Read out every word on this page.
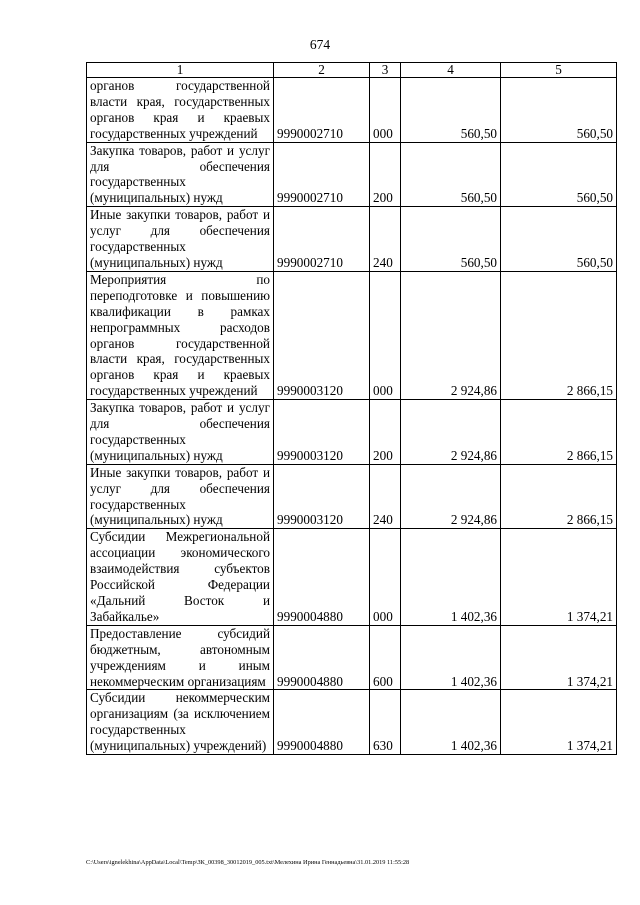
674
1	2	3	4	5
органов государственной власти края, государственных органов края и краевых государственных учреждений	9990002710	000	560,50	560,50
Закупка товаров, работ и услуг для обеспечения государственных (муниципальных) нужд	9990002710	200	560,50	560,50
Иные закупки товаров, работ и услуг для обеспечения государственных (муниципальных) нужд	9990002710	240	560,50	560,50
Мероприятия по переподготовке и повышению квалификации в рамках непрограммных расходов органов государственной власти края, государственных органов края и краевых государственных учреждений	9990003120	000	2 924,86	2 866,15
Закупка товаров, работ и услуг для обеспечения государственных (муниципальных) нужд	9990003120	200	2 924,86	2 866,15
Иные закупки товаров, работ и услуг для обеспечения государственных (муниципальных) нужд	9990003120	240	2 924,86	2 866,15
Субсидии Межрегиональной ассоциации экономического взаимодействия субъектов Российской Федерации «Дальний Восток и Забайкалье»	9990004880	000	1 402,36	1 374,21
Предоставление субсидий бюджетным, автономным учреждениям и иным некоммерческим организациям	9990004880	600	1 402,36	1 374,21
Субсидии некоммерческим организациям (за исключением государственных (муниципальных) учреждений)	9990004880	630	1 402,36	1 374,21
C:\Users\ignelekhina\AppData\Local\Temp\ЗК_00398_30012019_005.txt\Мелехина Ирина Геннадьевна\31.01.2019 11:55:28
